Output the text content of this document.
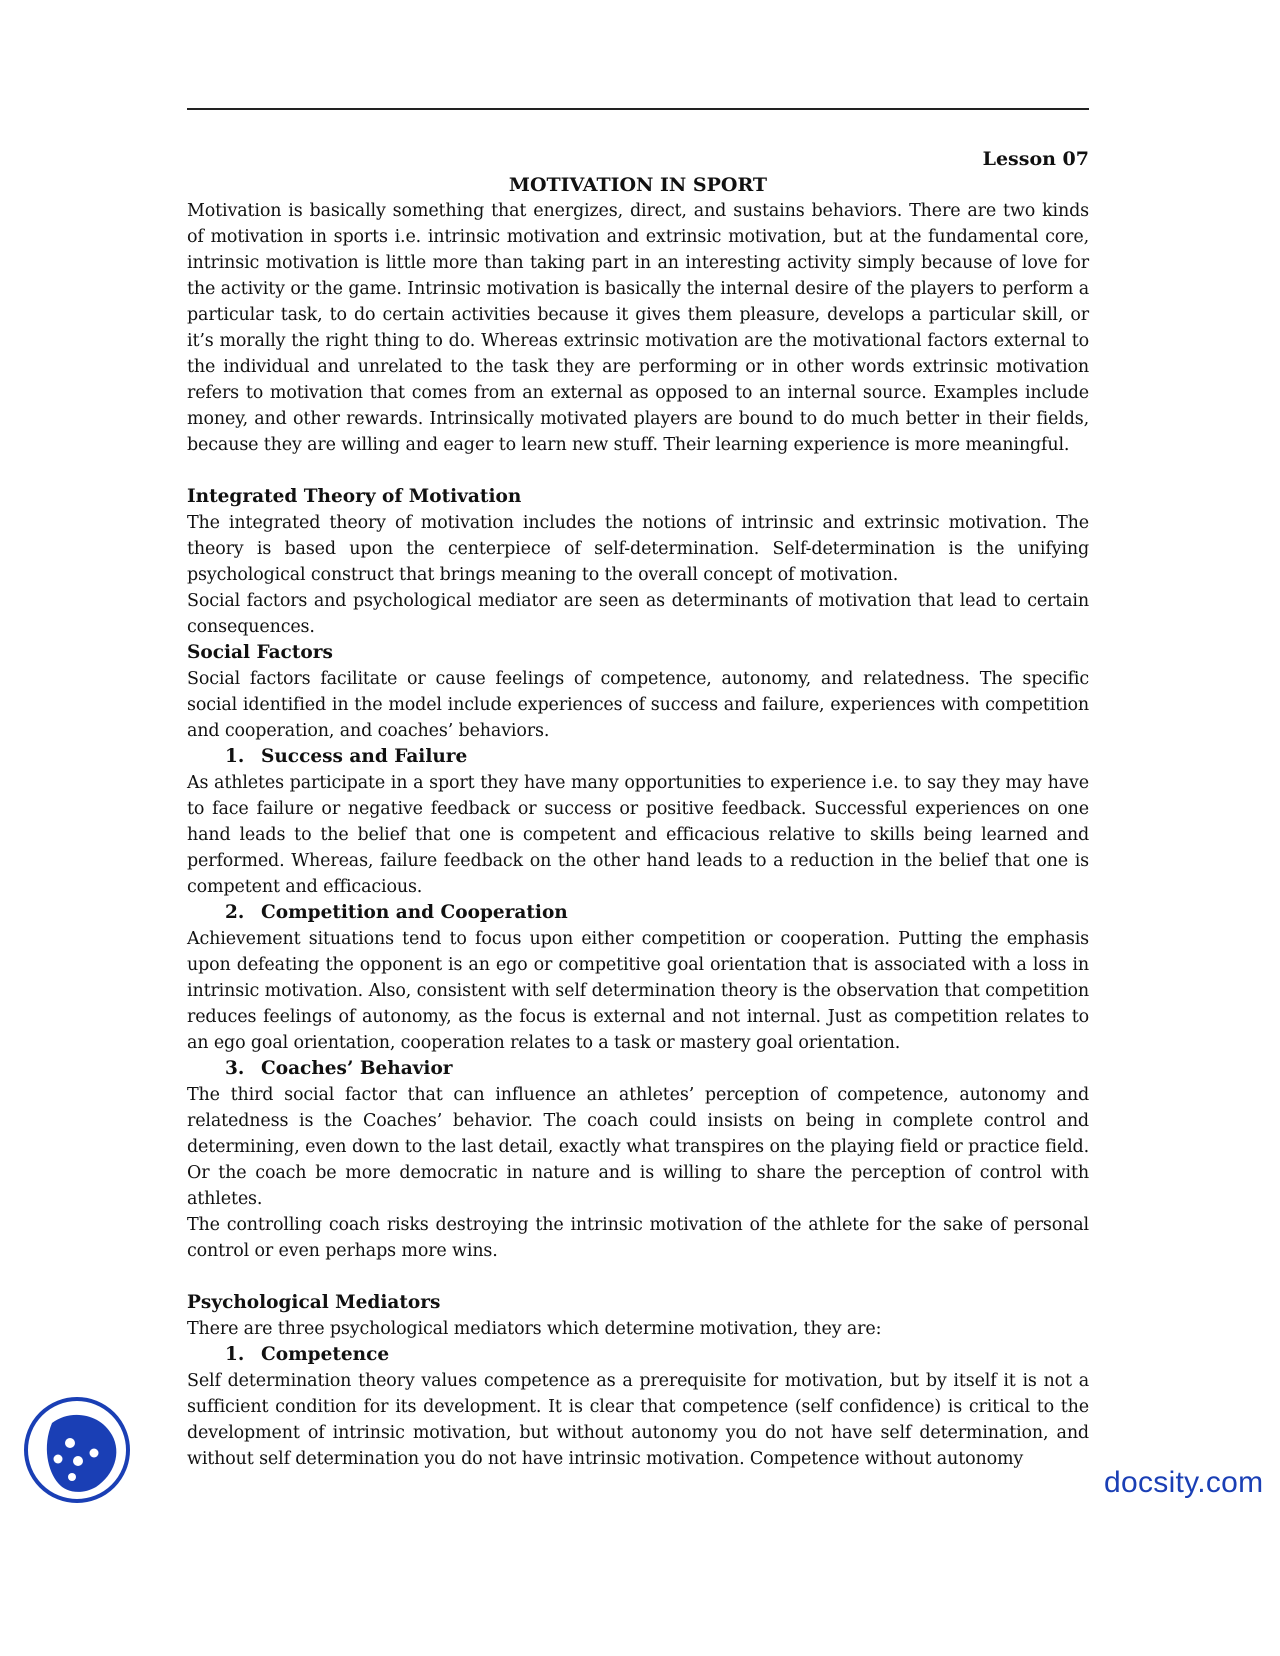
Lesson 07
MOTIVATION IN SPORT

Motivation is basically something that energizes, direct, and sustains behaviors. There are two kinds of motivation in sports i.e. intrinsic motivation and extrinsic motivation, but at the fundamental core, intrinsic motivation is little more than taking part in an interesting activity simply because of love for the activity or the game. Intrinsic motivation is basically the internal desire of the players to perform a particular task, to do certain activities because it gives them pleasure, develops a particular skill, or it’s morally the right thing to do. Whereas extrinsic motivation are the motivational factors external to the individual and unrelated to the task they are performing or in other words extrinsic motivation refers to motivation that comes from an external as opposed to an internal source. Examples include money, and other rewards. Intrinsically motivated players are bound to do much better in their fields, because they are willing and eager to learn new stuff. Their learning experience is more meaningful.

Integrated Theory of Motivation

The integrated theory of motivation includes the notions of intrinsic and extrinsic motivation. The theory is based upon the centerpiece of self-determination. Self-determination is the unifying psychological construct that brings meaning to the overall concept of motivation.

Social factors and psychological mediator are seen as determinants of motivation that lead to certain consequences.

Social Factors

Social factors facilitate or cause feelings of competence, autonomy, and relatedness. The specific social identified in the model include experiences of success and failure, experiences with competition and cooperation, and coaches’ behaviors.

1. Success and Failure

As athletes participate in a sport they have many opportunities to experience i.e. to say they may have to face failure or negative feedback or success or positive feedback. Successful experiences on one hand leads to the belief that one is competent and efficacious relative to skills being learned and performed. Whereas, failure feedback on the other hand leads to a reduction in the belief that one is competent and efficacious.

2. Competition and Cooperation

Achievement situations tend to focus upon either competition or cooperation. Putting the emphasis upon defeating the opponent is an ego or competitive goal orientation that is associated with a loss in intrinsic motivation. Also, consistent with self determination theory is the observation that competition reduces feelings of autonomy, as the focus is external and not internal. Just as competition relates to an ego goal orientation, cooperation relates to a task or mastery goal orientation.

3. Coaches’ Behavior

The third social factor that can influence an athletes’ perception of competence, autonomy and relatedness is the Coaches’ behavior. The coach could insists on being in complete control and determining, even down to the last detail, exactly what transpires on the playing field or practice field. Or the coach be more democratic in nature and is willing to share the perception of control with athletes.

The controlling coach risks destroying the intrinsic motivation of the athlete for the sake of personal control or even perhaps more wins.

Psychological Mediators

There are three psychological mediators which determine motivation, they are:

1. Competence

Self determination theory values competence as a prerequisite for motivation, but by itself it is not a sufficient condition for its development. It is clear that competence (self confidence) is critical to the development of intrinsic motivation, but without autonomy you do not have self determination, and without self determination you do not have intrinsic motivation. Competence without autonomy

docsity.com
